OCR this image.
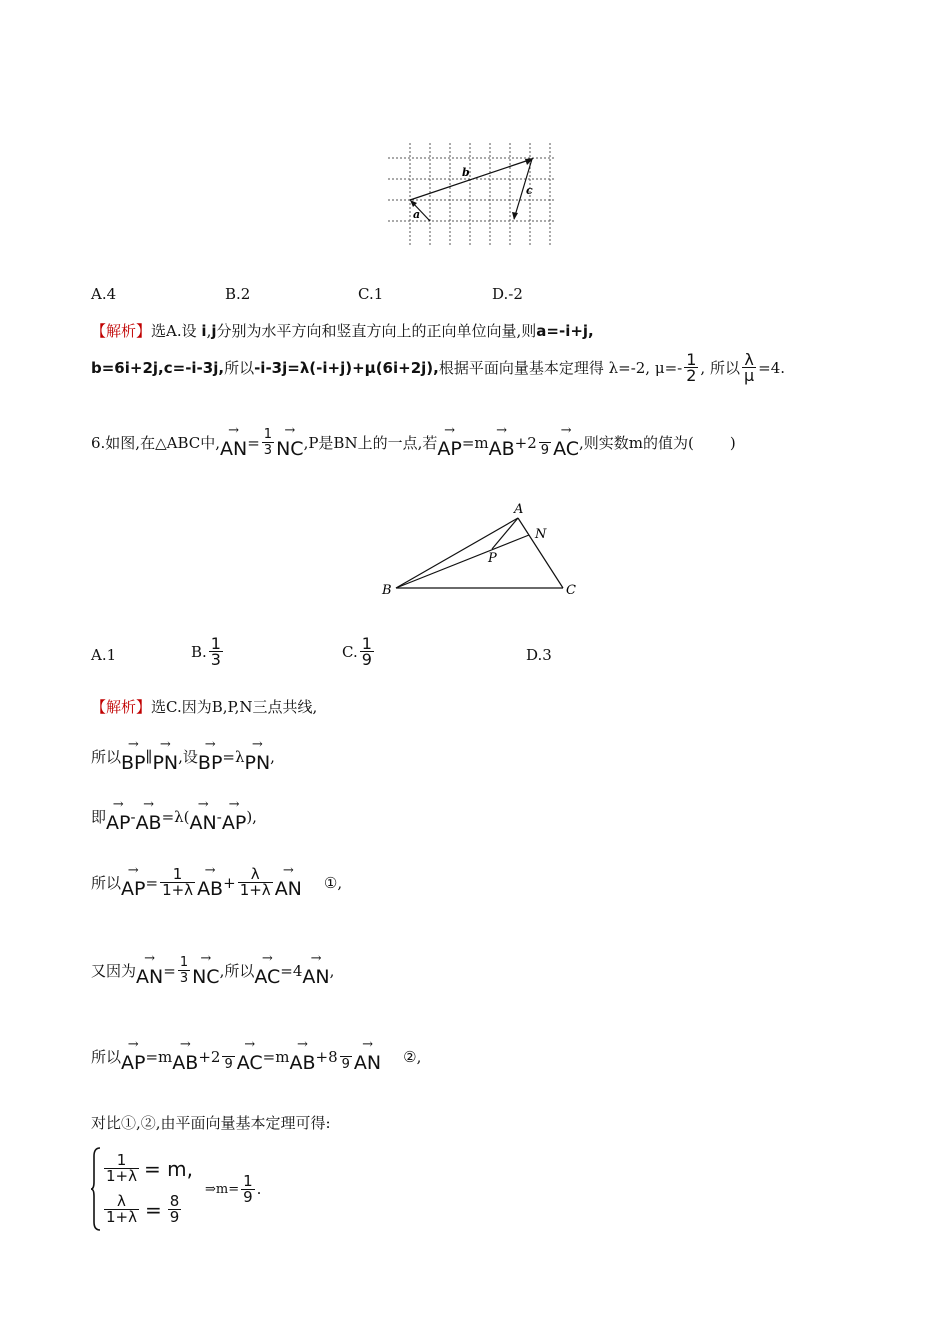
b
c
a
A.4	B.2	C.1	D.-2
【解析】选A.设 i,j分别为水平方向和竖直方向上的正向单位向量,则a=-i+j,
b=6i+2j,c=-i-3j, 所以 -i-3j=λ(-i+j)+μ(6i+2j), 根据平面向量基本定理得 λ=-2, μ=- 1
2 , 所以 $\frac{\lambda}{\mu} =4$.
6.如图,在△ABC中,
→
AN = $\frac{1}{3}$ →
NC ,P是BN上的一点,若
→
AP =m
→
AB +2
9
→
AC ,则实数m的值为( )
A
N
P
B	C
A.1	B. 1
3	C. 1
9	D.3
【解析】选C.因为B,P,N三点共线,
所以
→
BP ∥
→
PN ,设
→
BP =λ
→
PN ,
即
→
AP -
→
AB =λ(
→
AN -
→
AP ),
所以
→
AP = $\frac{1}{1+\lambda}$ →
AB + $\frac{\lambda}{1+\lambda}$ →
AN ①,
又因为
→
AN = $\frac{1}{3}$ →
NC ,所以
→
AC =4
→
AN ,
所以
→
AP =m
→
AB +2
9
→
AC =m
→
AB +8
9
→
AN ②,
对比①,②,由平面向量基本定理可得:
$\frac{1}{1+\lambda} = m$,
$\frac{\lambda}{1+\lambda} = \frac{8}{9}$
⇒m= $\frac{1}{9}$ .
